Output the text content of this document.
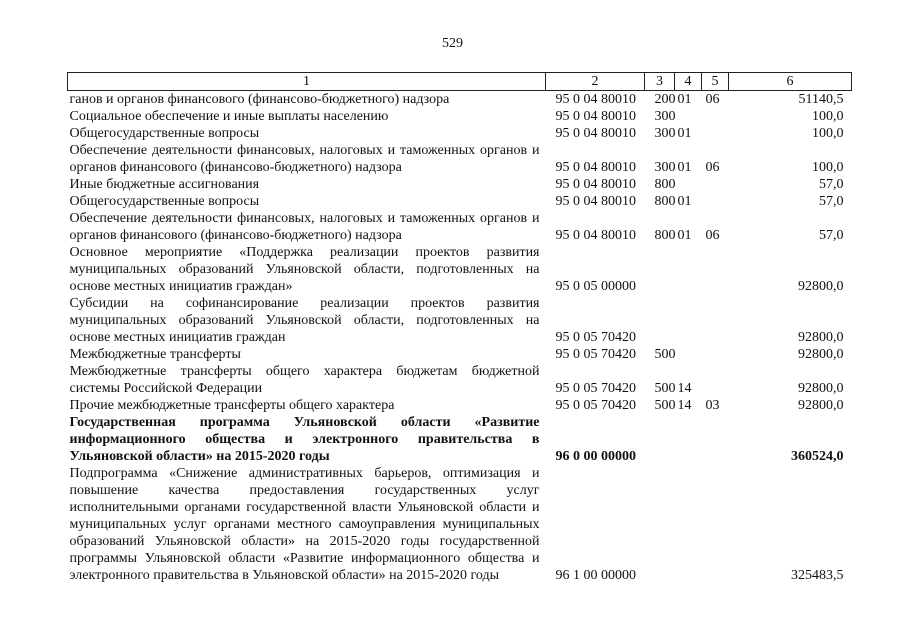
529
1	2	3	4	5	6
ганов и органов финансового (финансово-бюджетного) надзора	95 0 04 80010	200	01	06	51140,5
Социальное обеспечение и иные выплаты населению	95 0 04 80010	300			100,0
Общегосударственные вопросы	95 0 04 80010	300	01		100,0
Обеспечение деятельности финансовых, налоговых и таможенных органов и органов финансового (финансово-бюджетного) надзора	95 0 04 80010	300	01	06	100,0
Иные бюджетные ассигнования	95 0 04 80010	800			57,0
Общегосударственные вопросы	95 0 04 80010	800	01		57,0
Обеспечение деятельности финансовых, налоговых и таможенных органов и органов финансового (финансово-бюджетного) надзора	95 0 04 80010	800	01	06	57,0
Основное мероприятие «Поддержка реализации проектов развития муниципальных образований Ульяновской области, подготовленных на основе местных инициатив граждан»	95 0 05 00000				92800,0
Субсидии на софинансирование реализации проектов развития муниципальных образований Ульяновской области, подготовленных на основе местных инициатив граждан	95 0 05 70420				92800,0
Межбюджетные трансферты	95 0 05 70420	500			92800,0
Межбюджетные трансферты общего характера бюджетам бюджетной системы Российской Федерации	95 0 05 70420	500	14		92800,0
Прочие межбюджетные трансферты общего характера	95 0 05 70420	500	14	03	92800,0
Государственная программа Ульяновской области «Развитие информационного общества и электронного правительства в Ульяновской области» на 2015-2020 годы	96 0 00 00000				360524,0
Подпрограмма «Снижение административных барьеров, оптимизация и повышение качества предоставления государственных услуг исполнительными органами государственной власти Ульяновской области и муниципальных услуг органами местного самоуправления муниципальных образований Ульяновской области» на 2015-2020 годы государственной программы Ульяновской области «Развитие информационного общества и электронного правительства в Ульяновской области» на 2015-2020 годы	96 1 00 00000				325483,5
